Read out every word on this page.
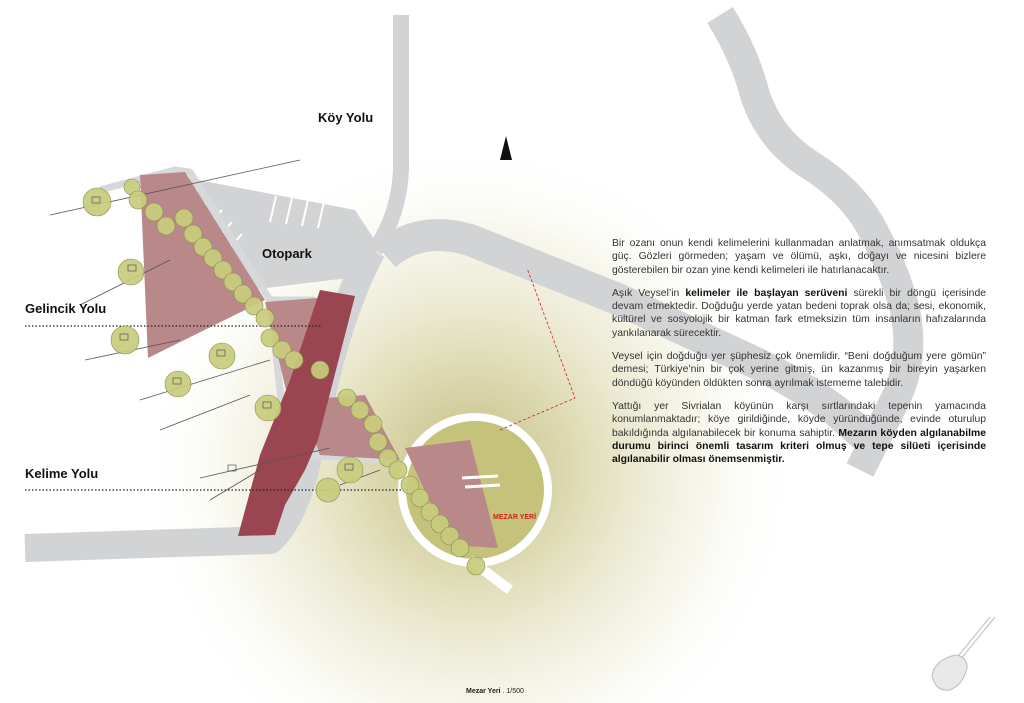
Köy Yolu
Otopark
Gelincik Yolu
Kelime Yolu
MEZAR YERİ

Bir ozanı onun kendi kelimelerini kullanmadan anlatmak, anımsatmak oldukça güç. Gözleri görmeden; yaşam ve ölümü, aşkı, doğayı ve nicesini bizlere gösterebilen bir ozan yine kendi kelimeleri ile hatırlanacaktır.

Aşık Veysel’in kelimeler ile başlayan serüveni sürekli bir döngü içerisinde devam etmektedir. Doğduğu yerde yatan bedeni toprak olsa da; sesi, ekonomik, kültürel ve sosyolojik bir katman fark etmeksizin tüm insanların hafızalarında yankılanarak sürecektir.

Veysel için doğduğu yer şüphesiz çok önemlidir. “Beni doğduğum yere gömün” demesi; Türkiye’nin bir çok yerine gitmiş, ün kazanmış bir bireyin yaşarken döndüğü köyünden öldükten sonra ayrılmak istememe talebidir.

Yattığı yer Sivrialan köyünün karşı sırtlarındaki tepenin yamacında konumlanmaktadır; köye girildiğinde, köyde yüründüğünde, evinde oturulup bakıldığında algılanabilecek bir konuma sahiptir. Mezarın köyden algılanabilme durumu birinci önemli tasarım kriteri olmuş ve tepe silüeti içerisinde algılanabilir olması önemsenmiştir.

Mezar Yeri . 1/500
